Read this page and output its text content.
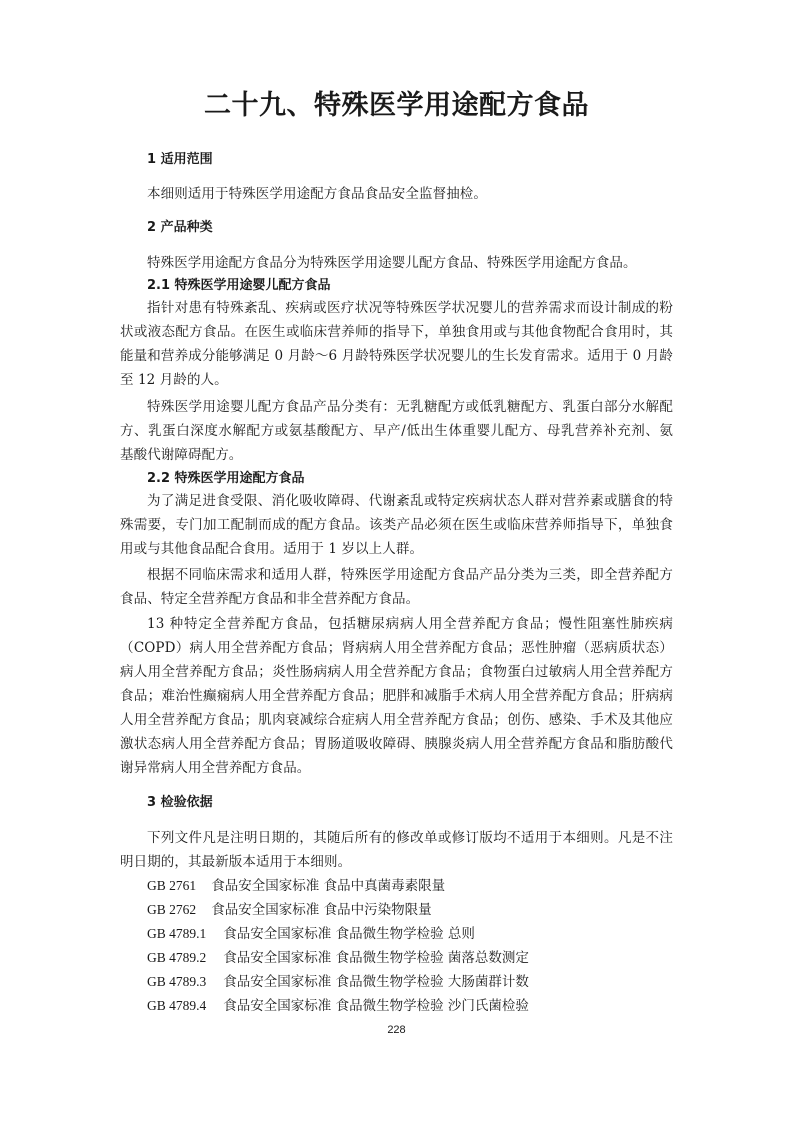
二十九、特殊医学用途配方食品
1 适用范围
本细则适用于特殊医学用途配方食品食品安全监督抽检。
2 产品种类
特殊医学用途配方食品分为特殊医学用途婴儿配方食品、特殊医学用途配方食品。
2.1 特殊医学用途婴儿配方食品
指针对患有特殊紊乱、疾病或医疗状况等特殊医学状况婴儿的营养需求而设计制成的粉
状或液态配方食品。在医生或临床营养师的指导下，单独食用或与其他食物配合食用时，其
能量和营养成分能够满足 0 月龄～6 月龄特殊医学状况婴儿的生长发育需求。适用于 0 月龄
至 12 月龄的人。
特殊医学用途婴儿配方食品产品分类有：无乳糖配方或低乳糖配方、乳蛋白部分水解配
方、乳蛋白深度水解配方或氨基酸配方、早产/低出生体重婴儿配方、母乳营养补充剂、氨
基酸代谢障碍配方。
2.2 特殊医学用途配方食品
为了满足进食受限、消化吸收障碍、代谢紊乱或特定疾病状态人群对营养素或膳食的特
殊需要，专门加工配制而成的配方食品。该类产品必须在医生或临床营养师指导下，单独食
用或与其他食品配合食用。适用于 1 岁以上人群。
根据不同临床需求和适用人群，特殊医学用途配方食品产品分类为三类，即全营养配方
食品、特定全营养配方食品和非全营养配方食品。
13 种特定全营养配方食品，包括糖尿病病人用全营养配方食品；慢性阻塞性肺疾病
（COPD）病人用全营养配方食品；肾病病人用全营养配方食品；恶性肿瘤（恶病质状态）
病人用全营养配方食品；炎性肠病病人用全营养配方食品；食物蛋白过敏病人用全营养配方
食品；难治性癫痫病人用全营养配方食品；肥胖和减脂手术病人用全营养配方食品；肝病病
人用全营养配方食品；肌肉衰减综合症病人用全营养配方食品；创伤、感染、手术及其他应
激状态病人用全营养配方食品；胃肠道吸收障碍、胰腺炎病人用全营养配方食品和脂肪酸代
谢异常病人用全营养配方食品。
3 检验依据
下列文件凡是注明日期的，其随后所有的修改单或修订版均不适用于本细则。凡是不注
明日期的，其最新版本适用于本细则。
GB 2761 食品安全国家标准 食品中真菌毒素限量
GB 2762 食品安全国家标准 食品中污染物限量
GB 4789.1 食品安全国家标准 食品微生物学检验 总则
GB 4789.2 食品安全国家标准 食品微生物学检验 菌落总数测定
GB 4789.3 食品安全国家标准 食品微生物学检验 大肠菌群计数
GB 4789.4 食品安全国家标准 食品微生物学检验 沙门氏菌检验
228
